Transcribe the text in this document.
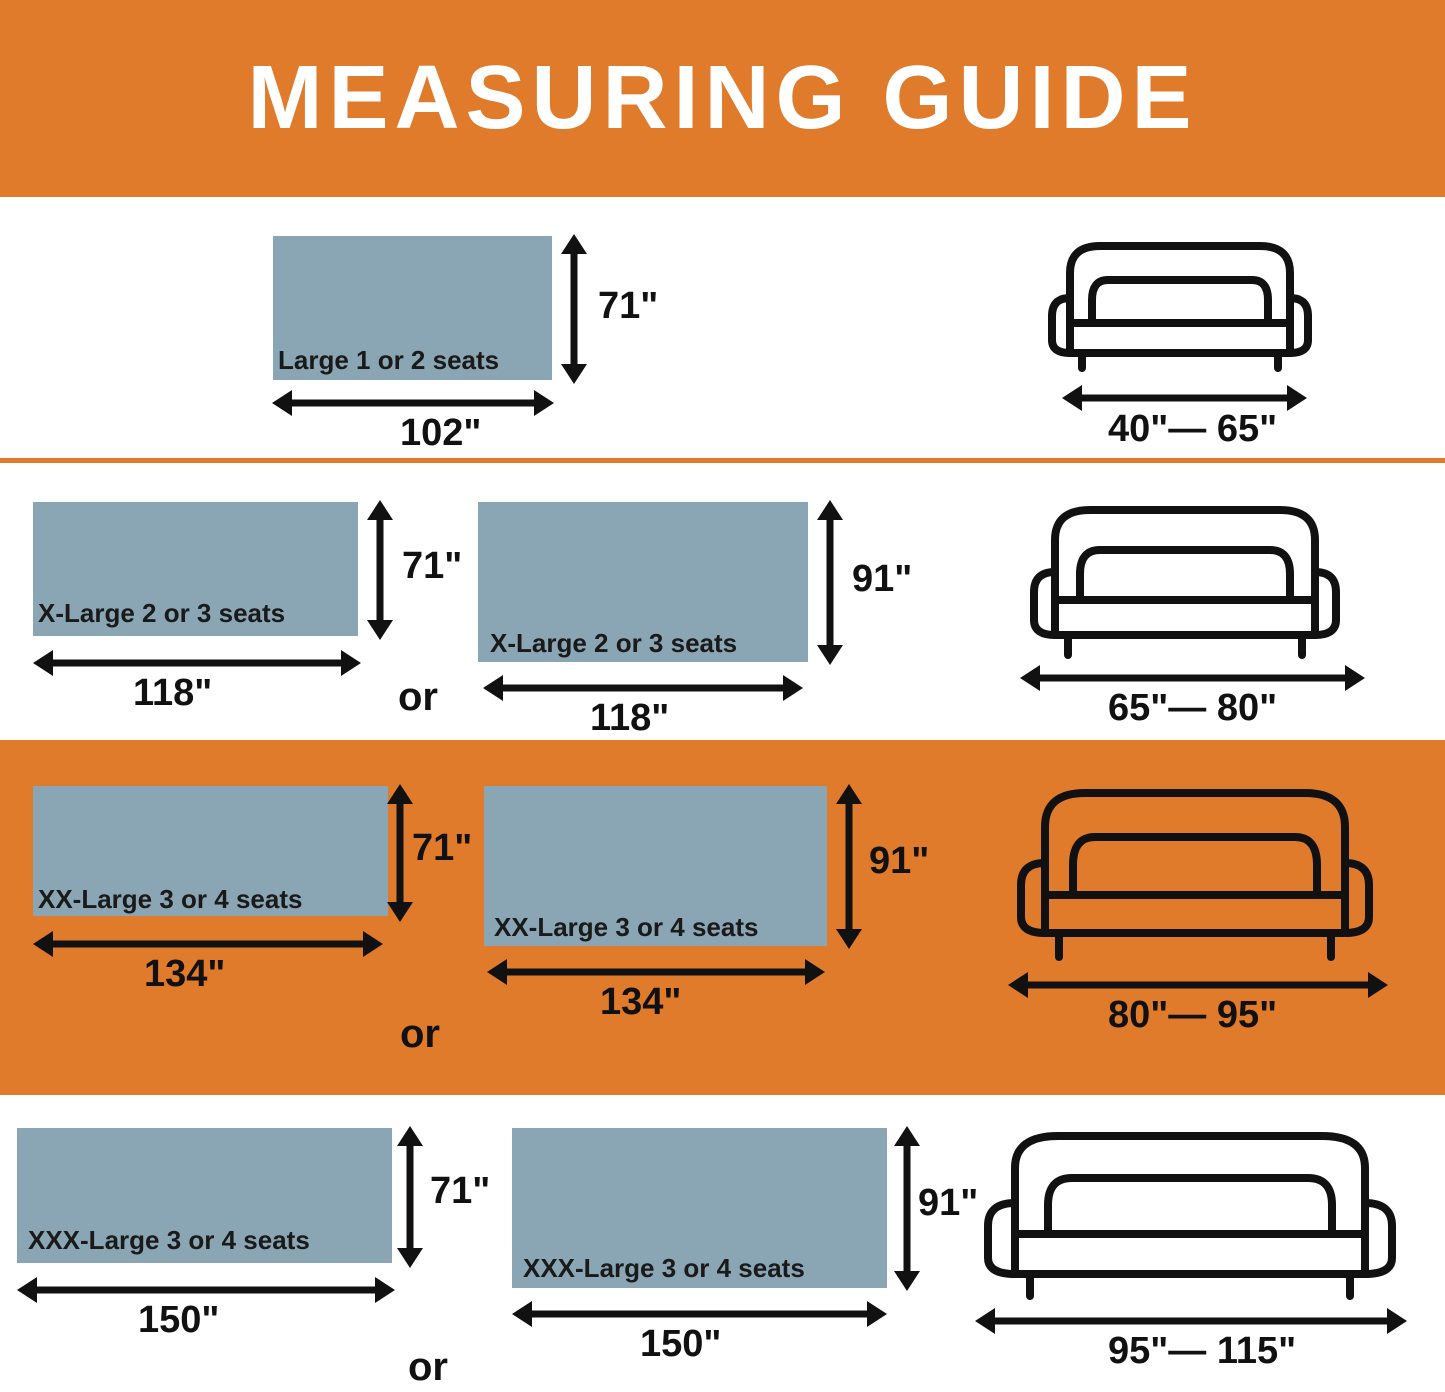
MEASURING GUIDE
Large 1 or 2 seats
71"
102"	40"— 65"
X-Large 2 or 3 seats
71"
118"	or
X-Large 2 or 3 seats
91"
118"	65"— 80"
XX-Large 3 or 4 seats
71"
134"
or
XX-Large 3 or 4 seats
91"
134"	80"— 95"
XXX-Large 3 or 4 seats
71"
150"
or
XXX-Large 3 or 4 seats
91"
150"	95"— 115"
